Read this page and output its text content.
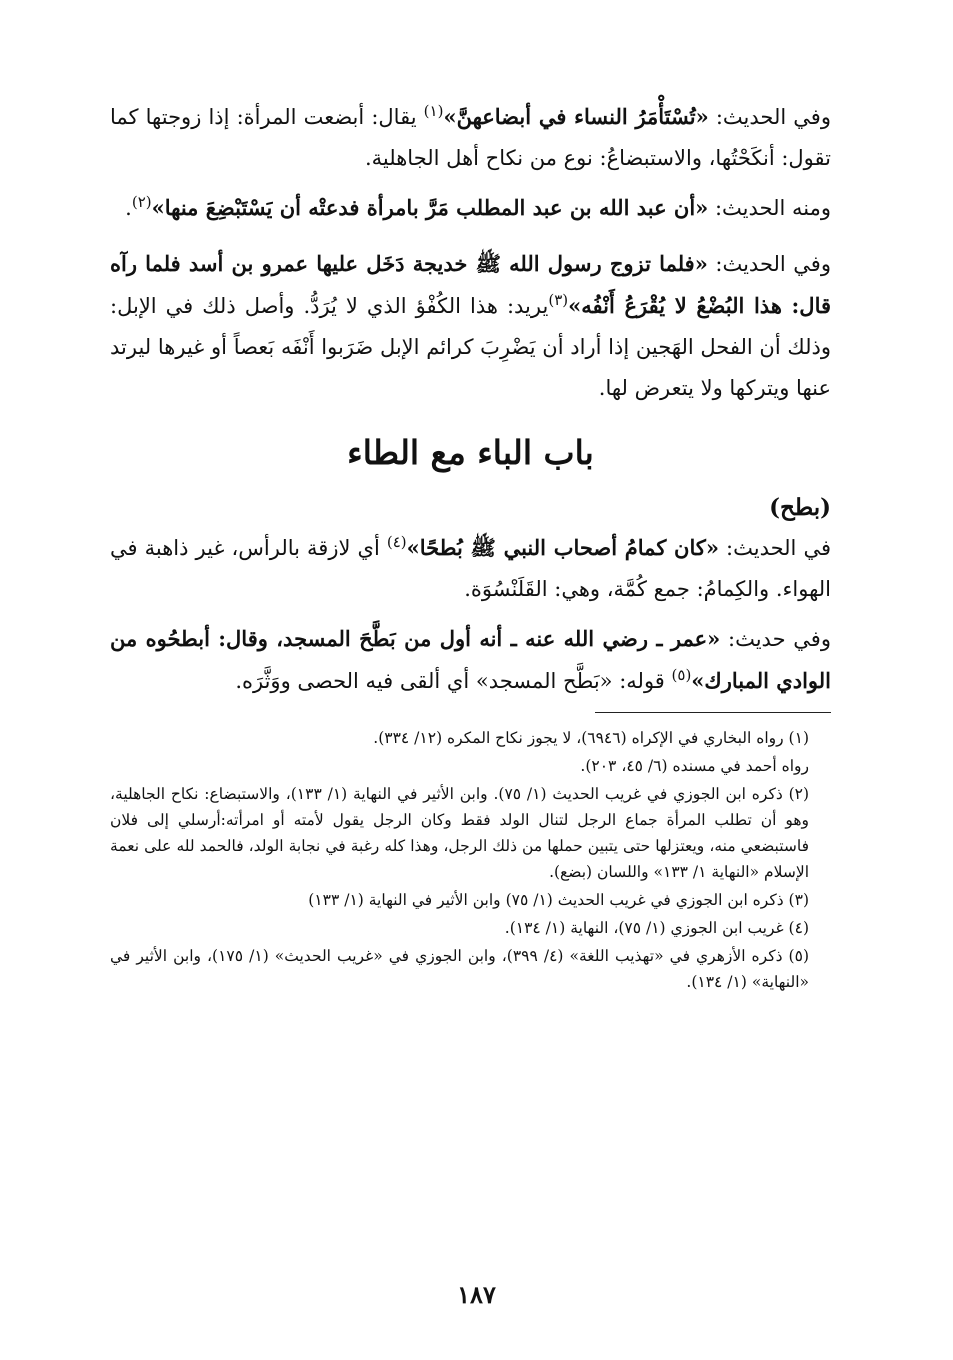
وفي الحديث: «تُسْتَأْمَرُ النساء في أبضاعهنَّ»$^{(١)}$ يقال: أبضعت المرأة: إذا زوجتها كما تقول: أنكَحْتُها، والاستبضاعُ: نوع من نكاح أهل الجاهلية.

ومنه الحديث: «أن عبد الله بن عبد المطلب مَرَّ بامرأة فدعتْه أن يَسْتَبْضِعَ منها»$^{(٢)}$.

وفي الحديث: «فلما تزوج رسول الله ﷺ خديجة دَخَل عليها عمرو بن أسد فلما رآه قال: هذا البُضْعُ لا يُقْرَعُ أَنْفُه»$^{(٣)}$يريد: هذا الكُفْؤ الذي لا يُرَدُّ. وأصل ذلك في الإبل: وذلك أن الفحل الهَجين إذا أراد أن يَضْرِبَ كرائم الإبل ضَرَبوا أَنْفَه بَعصاً أو غيرها ليرتد عنها ويتركها ولا يتعرض لها.

باب الباء مع الطاء
(بطح)

في الحديث: «كان كمامُ أصحاب النبي ﷺ بُطحًا»$^{(٤)}$ أي لازقة بالرأس، غير ذاهبة في الهواء. والكِمامُ: جمع كُمَّة، وهي: القَلَنْسُوَة.

وفي حديث: «عمر ـ رضي الله عنه ـ أنه أول من بَطَّحَ المسجد، وقال: أبطحُوه من الوادي المبارك»$^{(٥)}$ قوله: «بَطَّح المسجد» أي ألقى فيه الحصى ووَثَّرَه.

(١) رواه البخاري في الإكراه (٦٩٤٦)، لا يجوز نكاح المكره (١٢/ ٣٣٤).
رواه أحمد في مسنده (٦/ ٤٥، ٢٠٣).
(٢) ذكره ابن الجوزي في غريب الحديث (١/ ٧٥). وابن الأثير في النهاية (١/ ١٣٣)، والاستبضاع: نكاح الجاهلية، وهو أن تطلب المرأة جماع الرجل لتنال الولد فقط وكان الرجل يقول لأمته أو امرأته:أرسلي إلى فلان فاستبضعي منه، ويعتزلها حتى يتبين حملها من ذلك الرجل، وهذا كله رغبة في نجابة الولد، فالحمد لله على نعمة الإسلام «النهاية ١/ ١٣٣» واللسان (بضع).
(٣) ذكره ابن الجوزي في غريب الحديث (١/ ٧٥) وابن الأثير في النهاية (١/ ١٣٣)
(٤) غريب ابن الجوزي (١/ ٧٥)، النهاية (١/ ١٣٤).
(٥) ذكره الأزهري في «تهذيب اللغة» (٤/ ٣٩٩)، وابن الجوزي في «غريب الحديث» (١/ ١٧٥)، وابن الأثير في «النهاية» (١/ ١٣٤).
١٨٧
